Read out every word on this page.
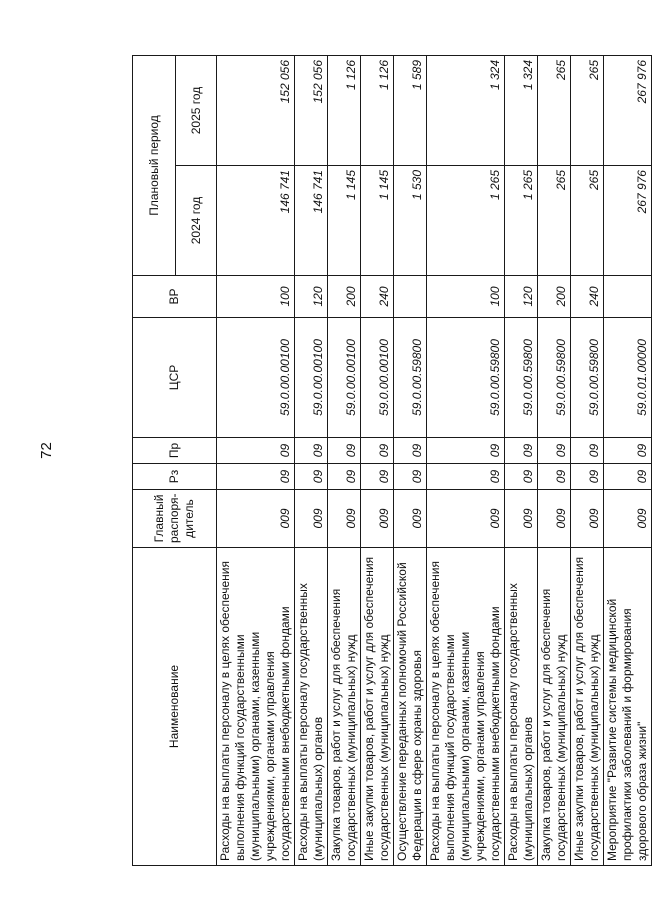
72
Наименование	Главный распоря-дитель	Рз	Пр	ЦСР	ВР	Плановый период	
						2024 год	2025 год
Расходы на выплаты персоналу в целях обеспечения выполнения функций государственными (муниципальными) органами, казенными учреждениями, органами управления государственными внебюджетными фондами	009	09	09	59.0.00.00100	100	146 741	152 056
Расходы на выплаты персоналу государственных (муниципальных) органов	009	09	09	59.0.00.00100	120	146 741	152 056
Закупка товаров, работ и услуг для обеспечения государственных (муниципальных) нужд	009	09	09	59.0.00.00100	200	1 145	1 126
Иные закупки товаров, работ и услуг для обеспечения государственных (муниципальных) нужд	009	09	09	59.0.00.00100	240	1 145	1 126
Осуществление переданных полномочий Российской Федерации в сфере охраны здоровья	009	09	09	59.0.00.59800		1 530	1 589
Расходы на выплаты персоналу в целях обеспечения выполнения функций государственными (муниципальными) органами, казенными учреждениями, органами управления государственными внебюджетными фондами	009	09	09	59.0.00.59800	100	1 265	1 324
Расходы на выплаты персоналу государственных (муниципальных) органов	009	09	09	59.0.00.59800	120	1 265	1 324
Закупка товаров, работ и услуг для обеспечения государственных (муниципальных) нужд	009	09	09	59.0.00.59800	200	265	265
Иные закупки товаров, работ и услуг для обеспечения государственных (муниципальных) нужд	009	09	09	59.0.00.59800	240	265	265
Мероприятие "Развитие системы медицинской профилактики заболеваний и формирования здорового образа жизни"	009	09	09	59.0.01.00000		267 976	267 976
